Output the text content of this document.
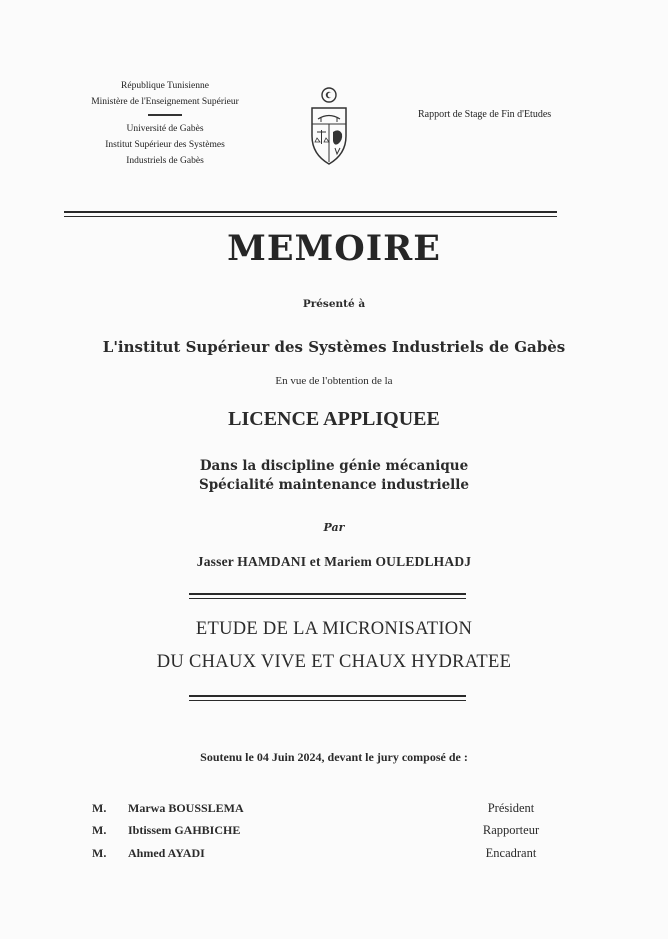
République Tunisienne
Ministère de l'Enseignement Supérieur
Université de Gabès
Institut Supérieur des Systèmes
Industriels de Gabès
Rapport de Stage de Fin d'Etudes
MEMOIRE
Présenté à
L'institut Supérieur des Systèmes Industriels de Gabès
En vue de l'obtention de la
LICENCE APPLIQUEE
Dans la discipline génie mécanique
Spécialité maintenance industrielle
Par
Jasser HAMDANI et Mariem OULEDLHADJ
ETUDE DE LA MICRONISATION
DU CHAUX VIVE ET CHAUX HYDRATEE
Soutenu le 04 Juin 2024, devant le jury composé de :
M. Marwa BOUSSLEMA	Président
M. Ibtissem GAHBICHE	Rapporteur
M. Ahmed AYADI	Encadrant
